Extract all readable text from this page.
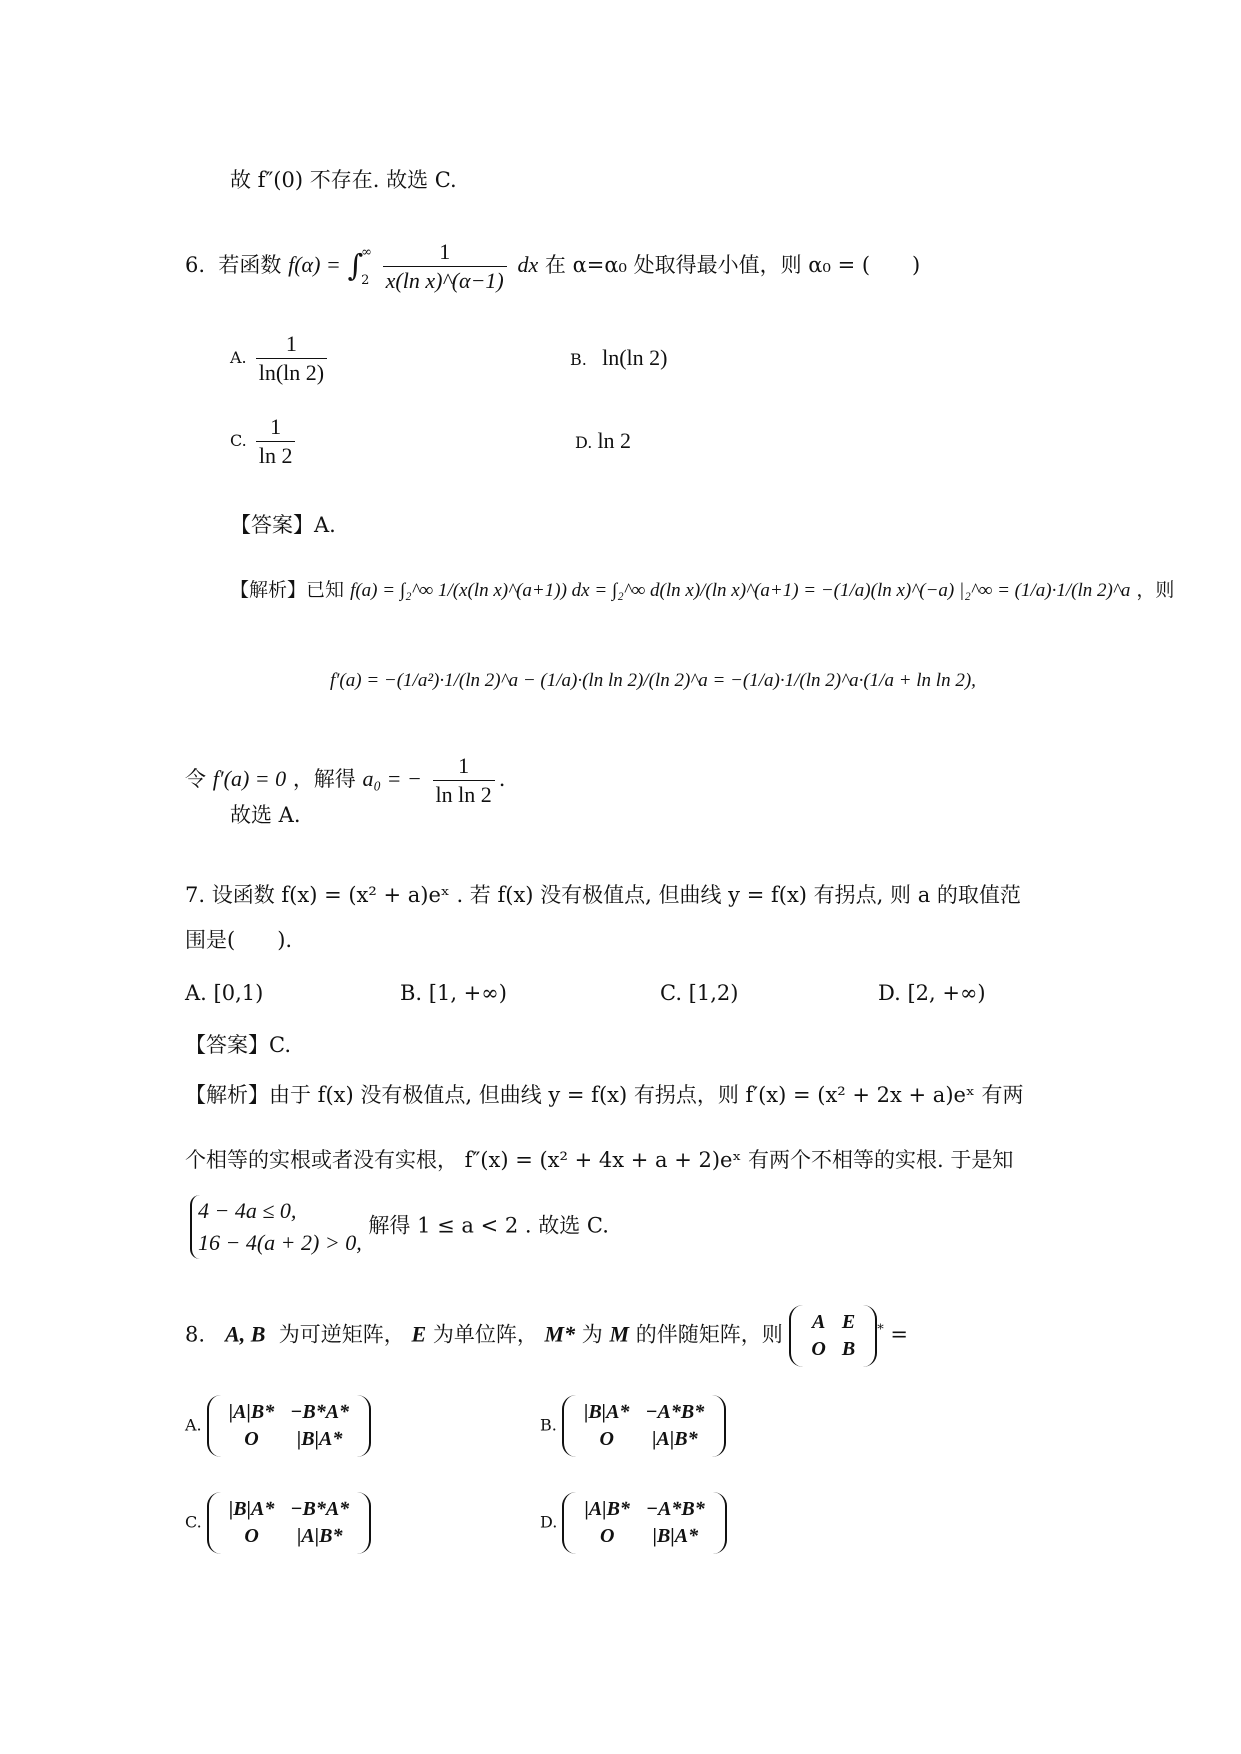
故 f″(0) 不存在. 故选 C.
6. 若函数 f(α) = ∫
∞
2
$\frac{1}{\text{x(ln x)\textasciicircum{}(α−1)}}$ dx 在 α=α₀ 处取得最小值，则 α₀ = (　　)
A. $\frac{1}{\ln(\ln 2)}$	B. ln(ln 2)
C. $\frac{1}{\ln 2}$	D. ln 2
【答案】A.
【解析】已知 f(a) = ∫₂^∞ 1/(x(ln x)^(a+1)) dx = ∫₂^∞ d(ln x)/(ln x)^(a+1) = −(1/a)(ln x)^(−a) |₂^∞ = (1/a)·1/(ln 2)^a ，则
f′(a) = −(1/a²)·1/(ln 2)^a − (1/a)·(ln ln 2)/(ln 2)^a = −(1/a)·1/(ln 2)^a·(1/a + ln ln 2),
令 f′(a) = 0 ，解得 a₀ = − $\frac{1}{\text{ln ln 2}}$ .
故选 A.
7. 设函数 f(x) = (x² + a)eˣ . 若 f(x) 没有极值点, 但曲线 y = f(x) 有拐点, 则 a 的取值范
围是(　　).
A. [0,1)	B. [1, +∞)	C. [1,2)	D. [2, +∞)
【答案】C.
【解析】由于 f(x) 没有极值点, 但曲线 y = f(x) 有拐点，则 f′(x) = (x² + 2x + a)eˣ 有两
个相等的实根或者没有实根， f″(x) = (x² + 4x + a + 2)eˣ 有两个不相等的实根. 于是知
4 − 4a ≤ 0,
16 − 4(a + 2) > 0,
解得 1 ≤ a < 2 . 故选 C.
8. A, B 为可逆矩阵， E 为单位阵， M* 为 M 的伴随矩阵，则
A	E
O	B
* =
A.
|A|B*	−B*A*
O	|B|A*
B.
|B|A*	−A*B*
O	|A|B*
C.
|B|A*	−B*A*
O	|A|B*
D.
|A|B*	−A*B*
O	|B|A*
